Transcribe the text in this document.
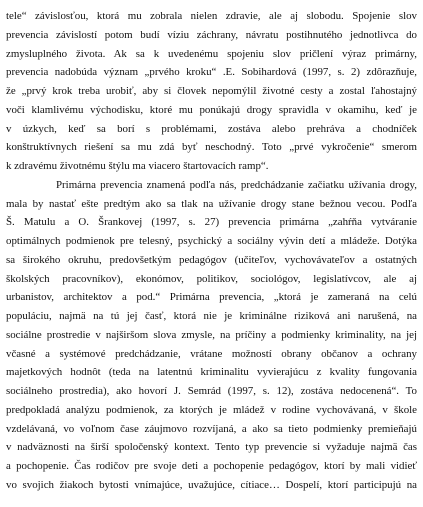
tele“ závislosťou, ktorá mu zobrala nielen zdravie, ale aj slobodu. Spojenie slov
prevencia závislostí potom budí víziu záchrany, návratu postihnutého jednotlivca do
zmysluplného života. Ak sa k uvedenému spojeniu slov pričlení výraz primárny,
prevencia nadobúda význam „prvého kroku“ .E. Sobihardová (1997, s. 2) zdôrazňuje,
že „prvý krok treba urobiť, aby si človek nepomýlil životné cesty a zostal ľahostajný
voči klamlivému východisku, ktoré mu ponúkajú drogy spravidla v okamihu, keď je
v úzkych, keď sa borí s problémami, zostáva alebo prehráva a chodníček
konštruktívnych riešení sa mu zdá byť neschodný. Toto „prvé vykročenie“ smerom
k zdravému životnému štýlu ma viacero štartovacích ramp“.
Primárna prevencia znamená podľa nás, predchádzanie začiatku užívania drogy,
mala by nastať ešte predtým ako sa tlak na užívanie drogy stane bežnou vecou. Podľa
Š. Matulu a O. Šrankovej (1997, s. 27) prevencia primárna „zahŕňa vytváranie
optimálnych podmienok pre telesný, psychický a sociálny vývin detí a mládeže. Dotýka
sa širokého okruhu, predovšetkým pedagógov (učiteľov, vychovávateľov a ostatných
školských pracovníkov), ekonómov, politikov, sociológov, legislatívcov, ale aj
urbanistov, architektov a pod.“ Primárna prevencia, „ktorá je zameraná na celú
populáciu, najmä na tú jej časť, ktorá nie je kriminálne riziková ani narušená, na
sociálne prostredie v najširšom slova zmysle, na príčiny a podmienky kriminality, na jej
včasné a systémové predchádzanie, vrátane možností obrany občanov a ochrany
majetkových hodnôt (teda na latentnú kriminalitu vyvierajúcu z kvality fungovania
sociálneho prostredia), ako hovorí J. Semrád (1997, s. 12), zostáva nedocenená“. To
predpokladá analýzu podmienok, za ktorých je mládež v rodine vychovávaná, v škole
vzdelávaná, vo voľnom čase záujmovo rozvíjaná, a ako sa tieto podmienky premieňajú
v nadväznosti na širší spoločenský kontext. Tento typ prevencie si vyžaduje najmä čas
a pochopenie. Čas rodičov pre svoje deti a pochopenie pedagógov, ktorí by mali vidieť
vo svojich žiakoch bytosti vnímajúce, uvažujúce, cítiace… Dospelí, ktorí participujú na
